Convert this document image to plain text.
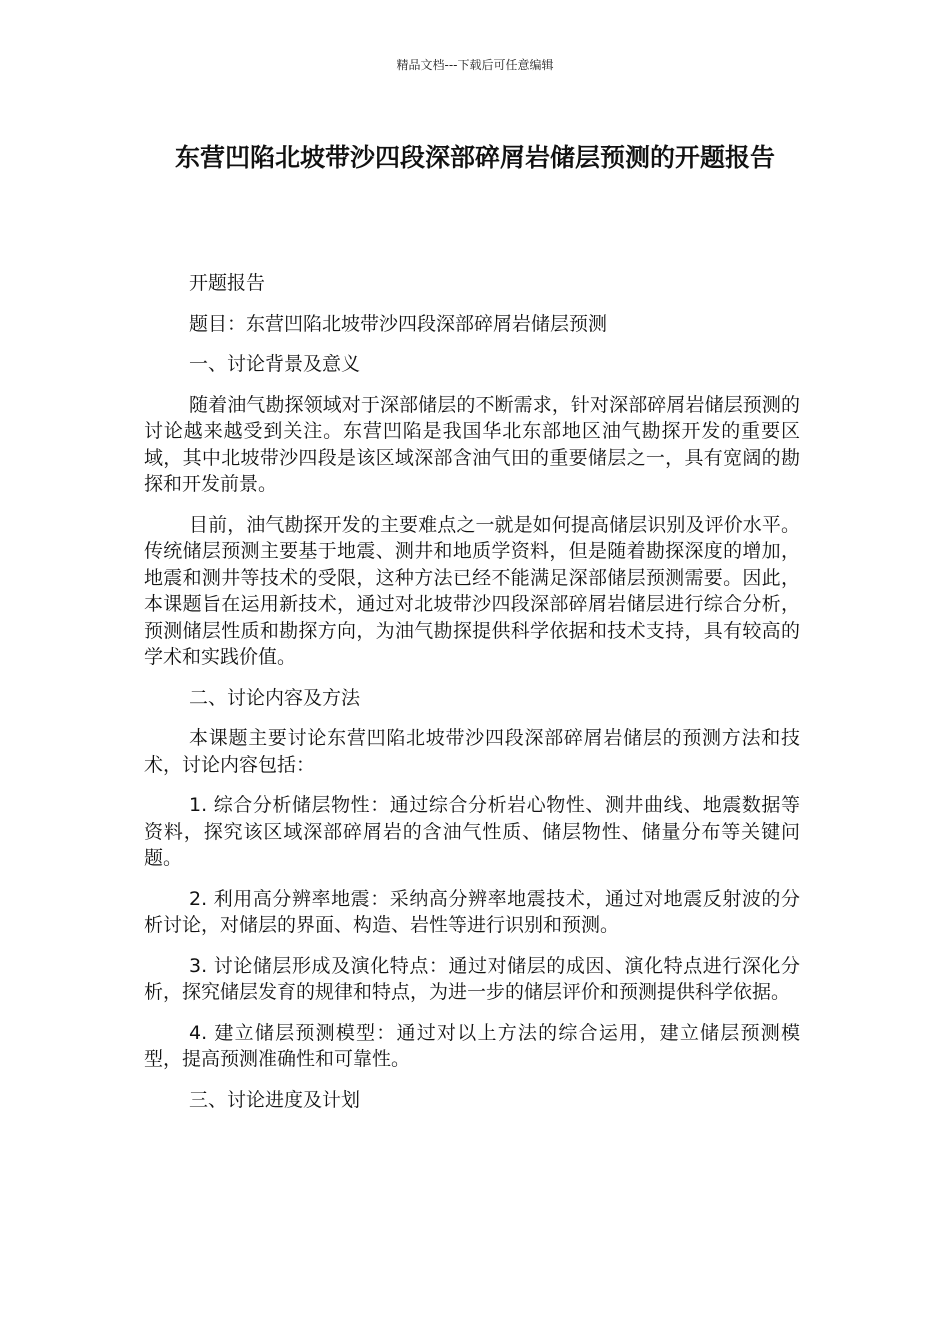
精品文档---下载后可任意编辑
东营凹陷北坡带沙四段深部碎屑岩储层预测的开题报告

开题报告

题目：东营凹陷北坡带沙四段深部碎屑岩储层预测

一、讨论背景及意义

随着油气勘探领域对于深部储层的不断需求，针对深部碎屑岩储层预测的讨论越来越受到关注。东营凹陷是我国华北东部地区油气勘探开发的重要区域，其中北坡带沙四段是该区域深部含油气田的重要储层之一，具有宽阔的勘探和开发前景。

目前，油气勘探开发的主要难点之一就是如何提高储层识别及评价水平。传统储层预测主要基于地震、测井和地质学资料，但是随着勘探深度的增加，地震和测井等技术的受限，这种方法已经不能满足深部储层预测需要。因此，本课题旨在运用新技术，通过对北坡带沙四段深部碎屑岩储层进行综合分析，预测储层性质和勘探方向，为油气勘探提供科学依据和技术支持，具有较高的学术和实践价值。

二、讨论内容及方法

本课题主要讨论东营凹陷北坡带沙四段深部碎屑岩储层的预测方法和技术，讨论内容包括：

1. 综合分析储层物性：通过综合分析岩心物性、测井曲线、地震数据等资料，探究该区域深部碎屑岩的含油气性质、储层物性、储量分布等关键问题。

2. 利用高分辨率地震：采纳高分辨率地震技术，通过对地震反射波的分析讨论，对储层的界面、构造、岩性等进行识别和预测。

3. 讨论储层形成及演化特点：通过对储层的成因、演化特点进行深化分析，探究储层发育的规律和特点，为进一步的储层评价和预测提供科学依据。

4. 建立储层预测模型：通过对以上方法的综合运用，建立储层预测模型，提高预测准确性和可靠性。

三、讨论进度及计划
